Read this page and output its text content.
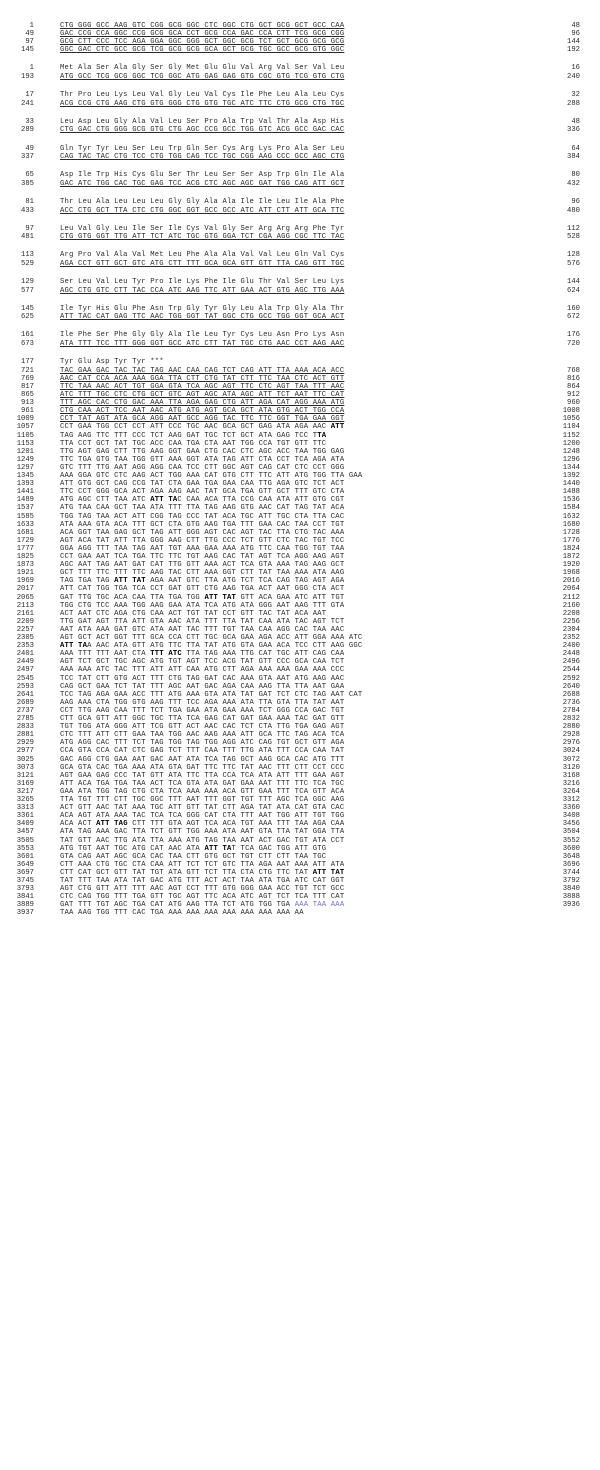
1	CTG GGG GCC AAG GTC CGG GCG GGC CTC GGC CTG GCT GCG GCT GCC CAA	48
49	GAC CCG CCA GGC CCG GCG GCA CCT GCG CCA GAC CCA CTT TCG GCG CGG	96
97	GCG CTT CCC TCC AGA GGA GGC GGG GCT GGC GCG TCT GCT GCG GCG GCG	144
145	GGC GAC CTC GCC GCG TCG GCG GCG GCA GCT GCG TGC GCC GCG GTG GGC	192
1	Met Ala Ser Ala Gly Ser Gly Met Glu Glu Val Arg Val Ser Val Leu	16
193	ATG GCC TCG GCG GGC TCG GGC ATG GAG GAG GTG CGC GTG TCG GTG CTG	240
17	Thr Pro Leu Lys Leu Val Gly Leu Val Cys Ile Phe Leu Ala Leu Cys	32
241	ACG CCG CTG AAG CTG GTG GGG CTG GTG TGC ATC TTC CTG GCG CTG TGC	288
33	Leu Asp Leu Gly Ala Val Leu Ser Pro Ala Trp Val Thr Ala Asp His	48
289	CTG GAC CTG GGG GCG GTG CTG AGC CCG GCC TGG GTC ACG GCC GAC CAC	336
49	Gln Tyr Tyr Leu Ser Leu Trp Gln Ser Cys Arg Lys Pro Ala Ser Leu	64
337	CAG TAC TAC CTG TCC CTG TGG CAG TCC TGC CGG AAG CCC GCC AGC CTG	384
65	Asp Ile Trp His Cys Glu Ser Thr Leu Ser Ser Asp Trp Gln Ile Ala	80
385	GAC ATC TGG CAC TGC GAG TCC ACG CTC AGC AGC GAT TGG CAG ATT GCT	432
81	Thr Leu Ala Leu Leu Leu Gly Gly Ala Ala Ile Ile Leu Ile Ala Phe	96
433	ACC CTG GCT TTA CTC CTG GGC GGT GCC GCC ATC ATT CTT ATT GCA TTC	480
97	Leu Val Gly Leu Ile Ser Ile Cys Val Gly Ser Arg Arg Arg Phe Tyr	112
481	CTG GTG GGT TTG ATT TCT ATC TGC GTG GGA TCT CGA AGG CGC TTC TAC	528
113	Arg Pro Val Ala Val Met Leu Phe Ala Ala Val Val Leu Gln Val Cys	128
529	AGA CCT GTT GCT GTC ATG CTT TTT GCA GCA GTT GTT TTA CAG GTT TGC	576
129	Ser Leu Val Leu Tyr Pro Ile Lys Phe Ile Glu Thr Val Ser Leu Lys	144
577	AGC CTG GTC CTT TAC CCA ATC AAG TTC ATT GAA ACT GTG AGC TTG AAA	624
145	Ile Tyr His Glu Phe Asn Trp Gly Tyr Gly Leu Ala Trp Gly Ala Thr	160
625	ATT TAC CAT GAG TTC AAC TGG GGT TAT GGC CTG GCC TGG GGT GCA ACT	672
161	Ile Phe Ser Phe Gly Gly Ala Ile Leu Tyr Cys Leu Asn Pro Lys Asn	176
673	ATA TTT TCC TTT GGG GGT GCC ATC CTT TAT TGC CTG AAC CCT AAG AAC	720
177	Tyr Glu Asp Tyr Tyr ***
721	TAC GAA GAC TAC TAC TAG AAC CAA CAG TCT CAG ATT TTA AAA ACA ACC	768
769	AAC CAT CCA ACA AAA GGA TTA CTT CTG TAT CTT TTC TAA CTC ACT GTT	816
817	TTC TAA AAC ACT TGT GGA GTA TCA AGC AGT TTC CTC AGT TAA TTT AAC	864
865	ATC TTT TGC CTC CTG GCT GTC AGT AGC ATA AGC ATT TCT AAT TTC CAT	912
913	TTT AGC CAC CTG GAC AAA TTA AGA GAG CTG ATT AGA CAT AGG AAA ATG	960
961	CTG CAA ACT TCC AAT AAC ATG ATG AGT GCA GCT ATA GTG ACT TGG CCA	1008
1009	CCT TAT AGT ATA GCA AGG AAT GCC AGG TAC TTC TTC GGT TGA GAA GGT	1056
1057	CCT GAA TGG CCT CCT ATT CCC TGC AAC GCA GCT GAG ATA AGA AAC ATT	1104
1105	TAG AAG TTC TTT CCC TCT AAG GAT TGC TCT GCT ATA GAG TCC TTA	1152
1153	TTA CCT GCT TAT TGC ACC CAA TGA CTA AAT TGG CCA TGT GTT TTC	1200
1201	TTG AGT GAG CTT TTG AAG GGT GAA CTG CAC CTC AGC ACC TAA TGG GAG	1248
1249	TTC TGA GTG TAA TGG GTT AAA GGT ATA TAG ATT CTA CCT TCA AGA ATA	1296
1297	GTC TTT TTG AAT AGG AGG CAA TCC CTT GGC AGT CAG CAT CTC CCT GGG	1344
1345	AAA GGA GTC CTC AAG ACT TGG AAA CAT GTG CTT TTC ATT ATG TGG TTA GAA	1392
1393	ATT GTG GCT CAG CCG TAT CTA GAA TGA GAA CAA TTG AGA GTC TCT ACT	1440
1441	TTC CCT GGG GCA ACT AGA AAG AAC TAT GCA TGA GTT GCT TTT GTC CTA	1488
1489	ATG AGC CTT TAA ATC ATT TAC CAA ACA TTA CCG CAA ATA ATT GTG CGT	1536
1537	ATG TAA CAA GCT TAA ATA TTT TTA TAG AAG GTG AAC CAT TAG TAT ACA	1584
1585	TGG TAG TAA ACT ATT CGG TAG CCC TAT ACA TGC ATT TGC CTA TTA CAC	1632
1633	ATA AAA GTA ACA TTT GCT CTA GTG AAG TGA TTT GAA CAC TAA CCT TGT	1680
1681	ACA GGT TAA GAG GCT TAG ATT GGG AGT CAC AGT TAC TTA CTG TAC AAA	1728
1729	AGT ACA TAT ATT TTA GGG AAG CTT TTG CCC TCT GTT CTC TAC TGT TCC	1776
1777	GGA AGG TTT TAA TAG AAT TGT AAA GAA AAA ATG TTC CAA TGG TGT TAA	1824
1825	CCT GAA AAT TCA TGA TTC TTC TGT AAG CAC TAT AGT TCA AGG AAG AGT	1872
1873	AGC AAT TAG AAT GAT CAT TTG GTT AAA ACT TCA GTA AAA TAG AAG GCT	1920
1921	GCT TTT TTC TTT TTC AAG TAC CTT AAA GGT CTT TAT TAA AAA ATA AAG	1968
1969	TAG TGA TAG ATT TAT AGA AAT GTC TTA ATG TCT TCA CAG TAG AGT AGA	2016
2017	ATT CAT TGG TGA TCA CCT GAT GTT CTG AAG TGA ACT AAT GGG CTA ACT	2064
2065	GAT TTG TGC ACA CAA TTA TGA TGG ATT TAT GTT ACA GAA ATC ATT TGT	2112
2113	TGG CTG TCC AAA TGG AAG GAA ATA TCA ATG ATA GGG AAT AAG TTT GTA	2160
2161	ACT AAT CTC AGA CTG CAA ACT TGT TAT CCT GTT TAC TAT ACA AAT	2208
2209	TTG GAT AGT TTA ATT GTA AAC ATA TTT TTA TAT CAA ATA TAC AGT TCT	2256
2257	AAT ATA AAA GAT GTC ATA AAT TAC TTT TGT TAA CAA AGG CAC TAA AAC	2304
2305	AGT GCT ACT GGT TTT GCA CCA CTT TGC GCA GAA AGA ACC ATT GGA AAA ATC	2352
2353	ATT TAA AAC ATA GTT ATG TTC TTA TAT ATG GTA GAA ACA TCC CTT AAG GGC	2400
2401	AAA TTT TTT AAT CTA TTT ATC TTA TAG AAA TTG CAT TGC ATT CAG CAA	2448
2449	AGT TCT GCT TGC AGC ATG TGT AGT TCC ACG TAT GTT CCC GCA CAA TCT	2496
2497	AAA AAA ATC TAC TTT ATT ATT CAA ATG CTT AGA AAA AAA GAA AAA CCC	2544
2545	TCC TAT CTT GTG ACT TTT CTG TAG GAT CAC AAA GTA AAT ATG AAG AAC	2592
2593	CAG GCT GAA TCT TAT TTT AGC AAT GAC AGA CAA AAG TTA TTA AAT GAA	2640
2641	TCC TAG AGA GAA ACC TTT ATG AAA GTA ATA TAT GAT TCT CTC TAG AAT CAT	2688
2689	AAG AAA CTA TGG GTG AAG TTT TCC AGA AAA ATA TTA GTA TTA TAT AAT	2736
2737	CCT TTG AAG CAA TTT TCT TGA GAA ATA GAA AAA TCT GGG CCA GAC TGT	2784
2785	CTT GCA GTT ATT GGC TGC TTA TCA GAG CAT GAT GAA AAA TAC GAT GTT	2832
2833	TGT TGG ATA GGG ATT TCG GTT ACT AAC CAC TCT CTA TTG TGA GAG AGT	2880
2881	CTC TTT ATT CTT GAA TAA TGG AAC AAG AAA ATT GCA TTC TAG ACA TCA	2928
2929	ATG AGG CAC TTT TCT TAG TGG TAG TGG AGG ATC CAG TGT GCT GTT AGA	2976
2977	CCA GTA CCA CAT CTC GAG TCT TTT CAA TTT TTG ATA TTT CCA CAA TAT	3024
3025	GAC AGG CTG GAA AAT GAC AAT ATA TCA TAG GCT AAG GCA CAC ATG TTT	3072
3073	GCA GTA CAC TGA AAA ATA GTA GAT TTC TTC TAT AAC TTT CTT CCT CCC	3120
3121	AGT GAA GAG CCC TAT GTT ATA TTC TTA CCA TCA ATA ATT TTT GAA AGT	3168
3169	ATT ACA TGA TGA TAA ACT TCA GTA ATA GAT GAA AAT TTT TTC TCA TGC	3216
3217	GAA ATA TGG TAG CTG CTA TCA AAA AAA ACA GTT GAA TTT TCA GTT ACA	3264
3265	TTA TGT TTT CTT TGC GGC TTT AAT TTT GGT TGT TTT AGC TCA GGC AAG	3312
3313	ACT GTT AAC TAT AAA TGC ATT GTT TAT CTT AGA TAT ATA CAT GTA CAC	3360
3361	ACA AGT ATA AAA TAC TCA TCA GGG CAT CTA TTT AAT TGG ATT TGT TGG	3408
3409	ACA ACT ATT TAG CTT TTT GTA AGT TCA ACA TGT AAA TTT TAA AGA CAA	3456
3457	ATA TAG AAA GAC TTA TCT GTT TGG AAA ATA AAT GTA TTA TAT GGA TTA	3504
3505	TAT GTT AAC TTG ATA TTA AAA ATG TAG TAA AAT ACT GAC TGT ATA CCT	3552
3553	ATG TGT AAT TGC ATG CAT AAC ATA ATT TAT TCA GAC TGG ATT GTG	3600
3601	GTA CAG AAT AGC GCA CAC TAA CTT GTG GCT TGT CTT CTT TAA TGC	3648
3649	CTT AAA CTG TGC CTA CAA ATT TCT TCT GTC TTA AGA AAT AAA ATT ATA	3696
3697	CTT CAT GCT GTT TAT TGT ATA GTT TCT TTA CTA CTG TTC TAT ATT TAT	3744
3745	TAT TTT TAA ATA TAT GAC ATG TTT ACT ACT TAA ATA TGA ATC CAT GGT	3792
3793	AGT CTG GTT ATT TTT AAC AGT CCT TTT GTG GGG GAA ACC TGT TCT GCC	3840
3841	CTC CAG TGG TTT TGA GTT TGC AGT TTC ACA ATC AGT TCT TCA TTT CAT	3888
3889	GAT TTT TGT AGC TGA CAT ATG AAG TTA TCT ATG TGG TGA AAA TAA AAA	3936
3937	TAA AAG TGG TTT CAC TGA AAA AAA AAA AAA AAA AAA AAA AA
